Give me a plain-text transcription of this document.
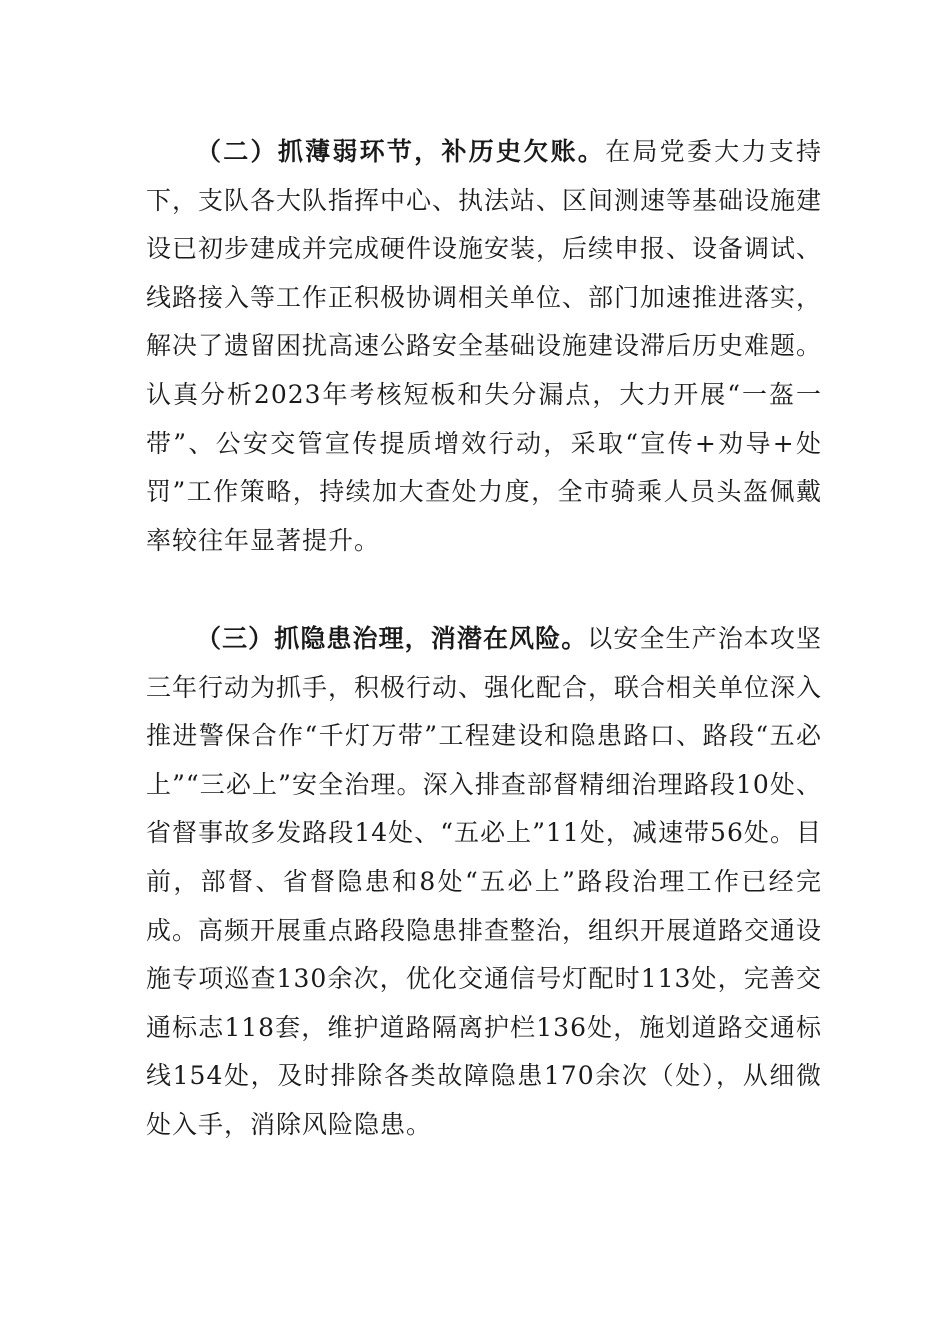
（二）抓薄弱环节，补历史欠账。在局党委大力支持下，支队各大队指挥中心、执法站、区间测速等基础设施建设已初步建成并完成硬件设施安装，后续申报、设备调试、线路接入等工作正积极协调相关单位、部门加速推进落实，解决了遗留困扰高速公路安全基础设施建设滞后历史难题。认真分析2023年考核短板和失分漏点，大力开展“一盔一带”、公安交管宣传提质增效行动，采取“宣传+劝导+处罚”工作策略，持续加大查处力度，全市骑乘人员头盔佩戴率较往年显著提升。

（三）抓隐患治理，消潜在风险。以安全生产治本攻坚三年行动为抓手，积极行动、强化配合，联合相关单位深入推进警保合作“千灯万带”工程建设和隐患路口、路段“五必上”“三必上”安全治理。深入排查部督精细治理路段10处、省督事故多发路段14处、“五必上”11处，减速带56处。目前，部督、省督隐患和8处“五必上”路段治理工作已经完成。高频开展重点路段隐患排查整治，组织开展道路交通设施专项巡查130余次，优化交通信号灯配时113处，完善交通标志118套，维护道路隔离护栏136处，施划道路交通标线154处，及时排除各类故障隐患170余次（处），从细微处入手，消除风险隐患。
